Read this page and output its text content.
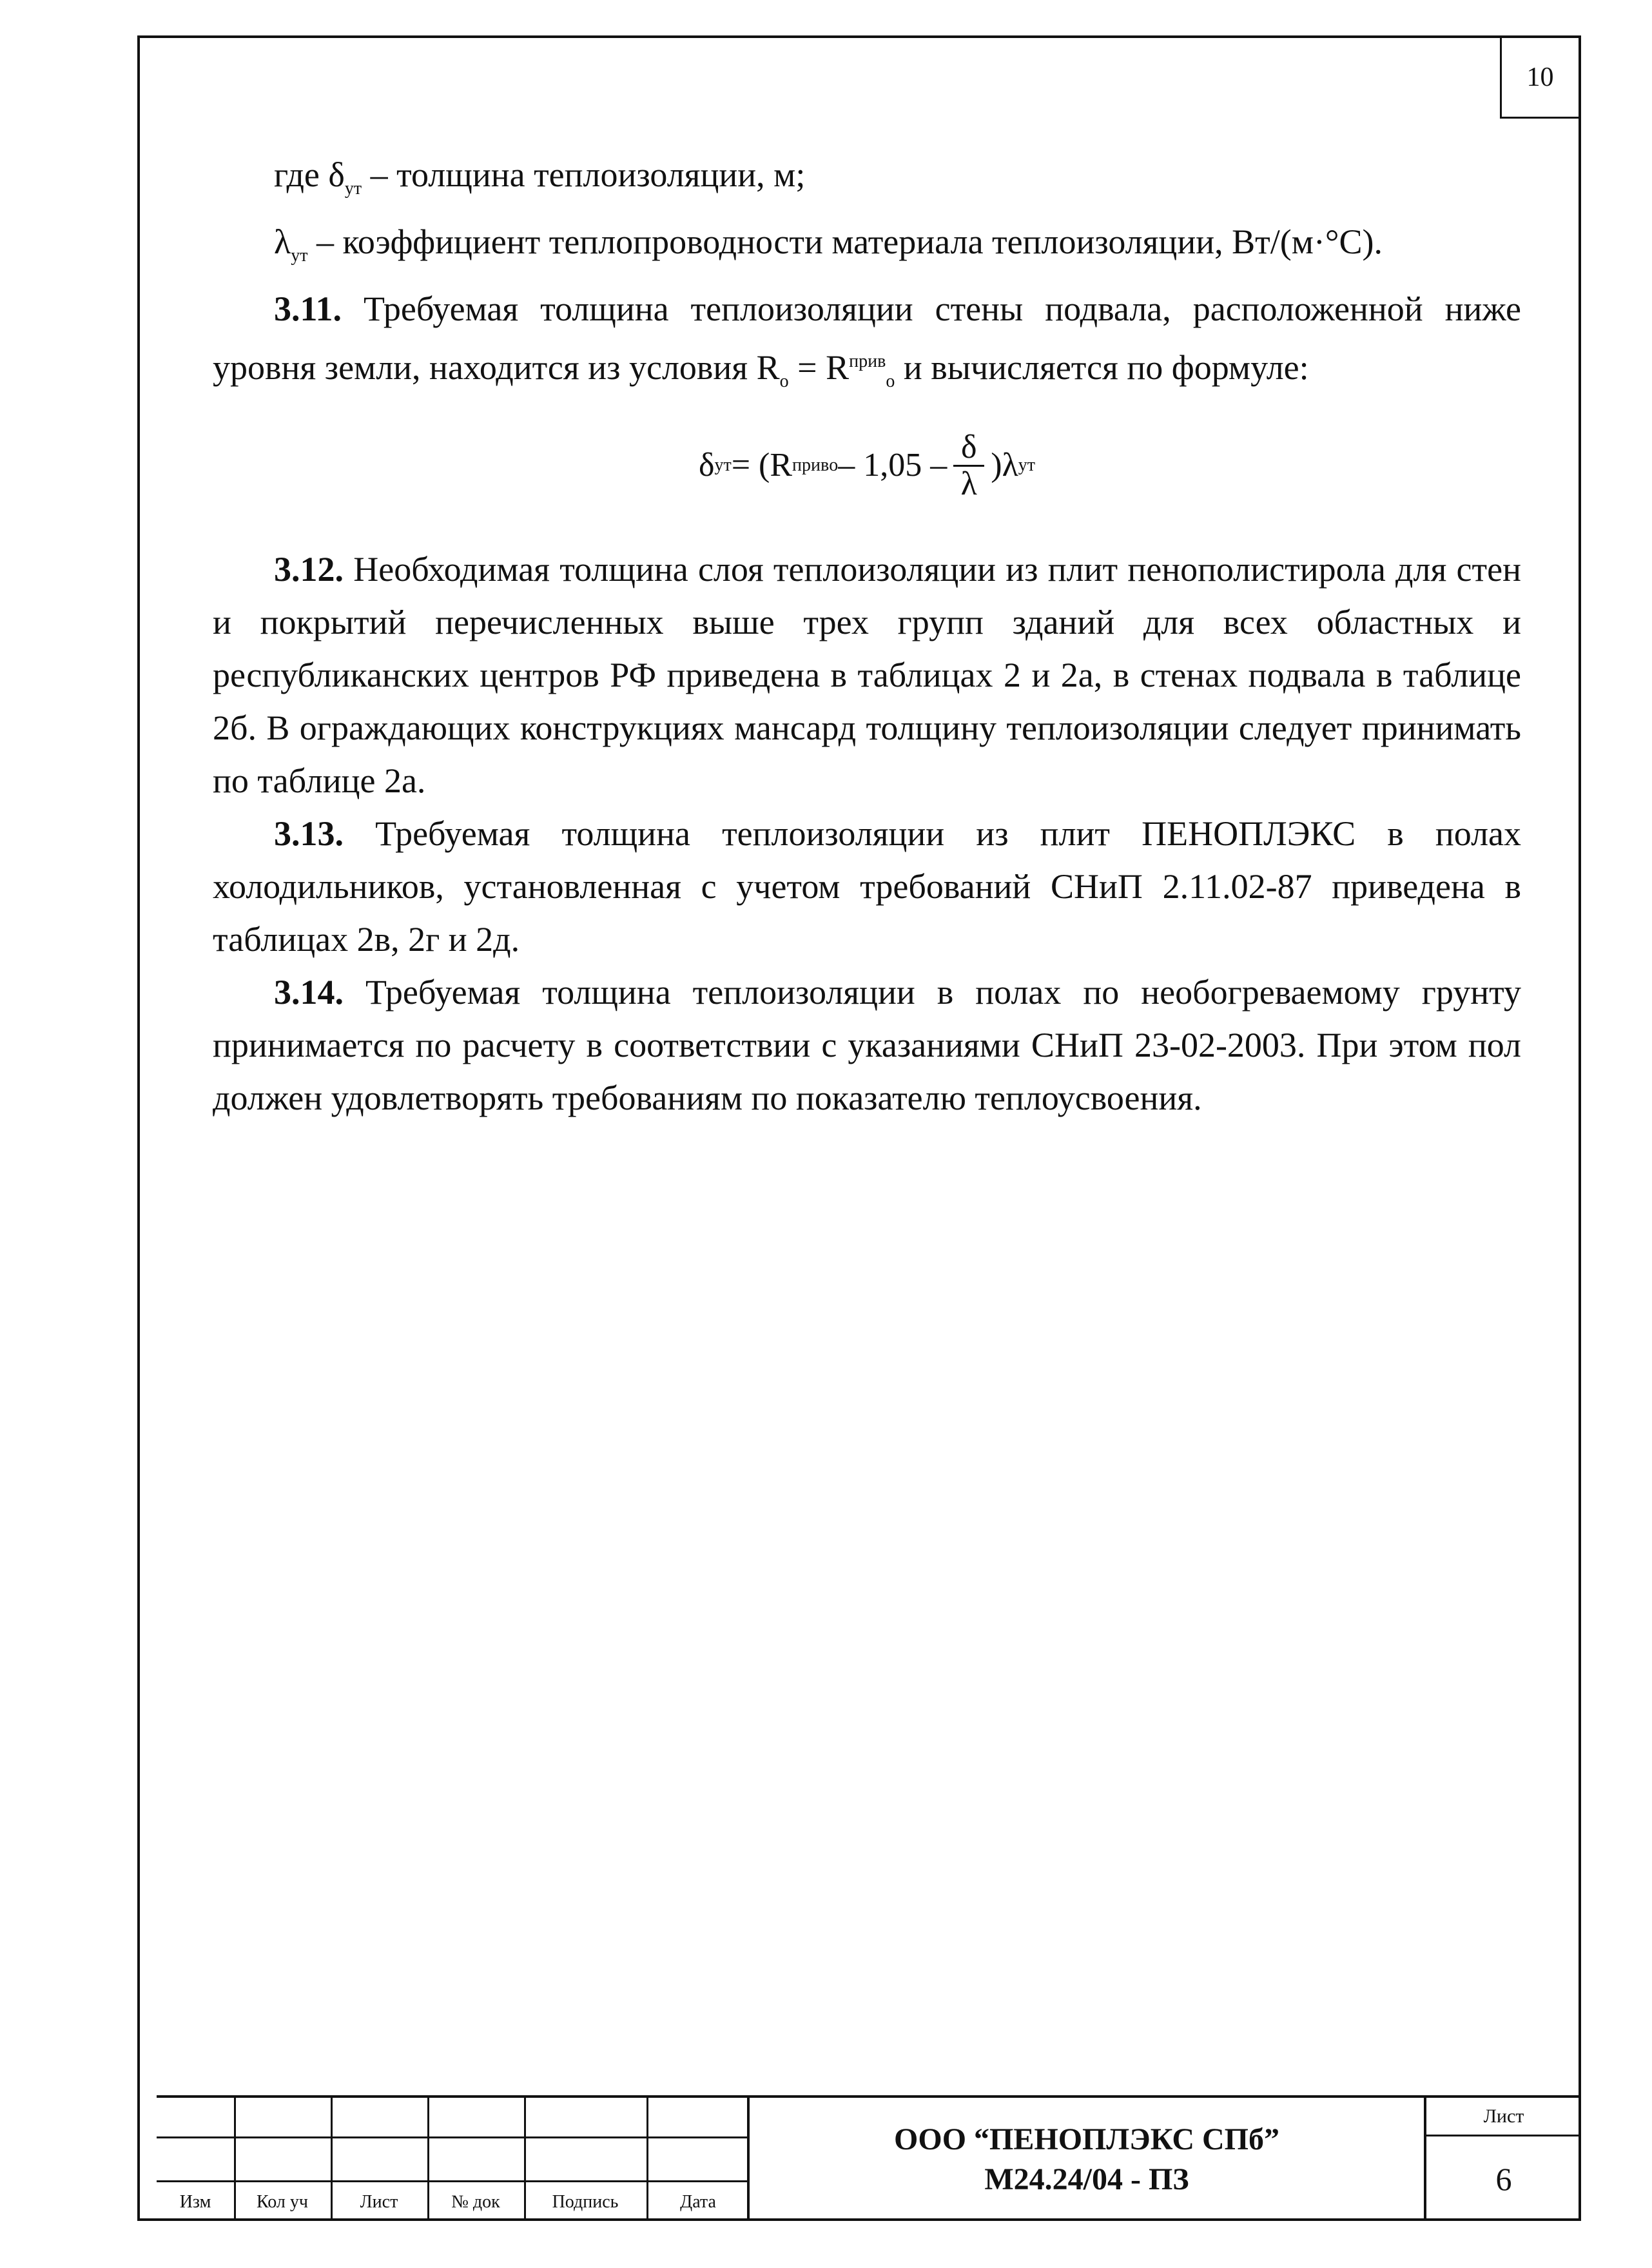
10

где $\delta_{ут}$ – толщина теплоизоляции, м;

$\lambda_{ут}$ – коэффициент теплопроводности материала теплоизоляции, Вт/(м·°С).

3.11. Требуемая толщина теплоизоляции стены подвала, расположенной ниже уровня земли, находится из условия $R_о = R^{прив}_о$ и вычисляется по формуле:

δ ут = (R прив о – $1,05 - \frac{\delta}{\lambda}$ ) λ ут

3.12. Необходимая толщина слоя теплоизоляции из плит пенополистирола для стен и покрытий перечисленных выше трех групп зданий для всех областных и республиканских центров РФ приведена в таблицах 2 и 2а, в стенах подвала в таблице 2б. В ограждающих конструкциях мансард толщину теплоизоляции следует принимать по таблице 2а.

3.13. Требуемая толщина теплоизоляции из плит ПЕНОПЛЭКС в полах холодильников, установленная с учетом требований СНиП 2.11.02-87 приведена в таблицах 2в, 2г и 2д.

3.14. Требуемая толщина теплоизоляции в полах по необогреваемому грунту принимается по расчету в соответствии с указаниями СНиП 23-02-2003. При этом пол должен удовлетворять требованиям по показателю теплоусвоения.

Изм	Кол уч	Лист	№ док	Подпись	Дата
ООО “ПЕНОПЛЭКС СПб”
М24.24/04 - ПЗ
Лист
6
